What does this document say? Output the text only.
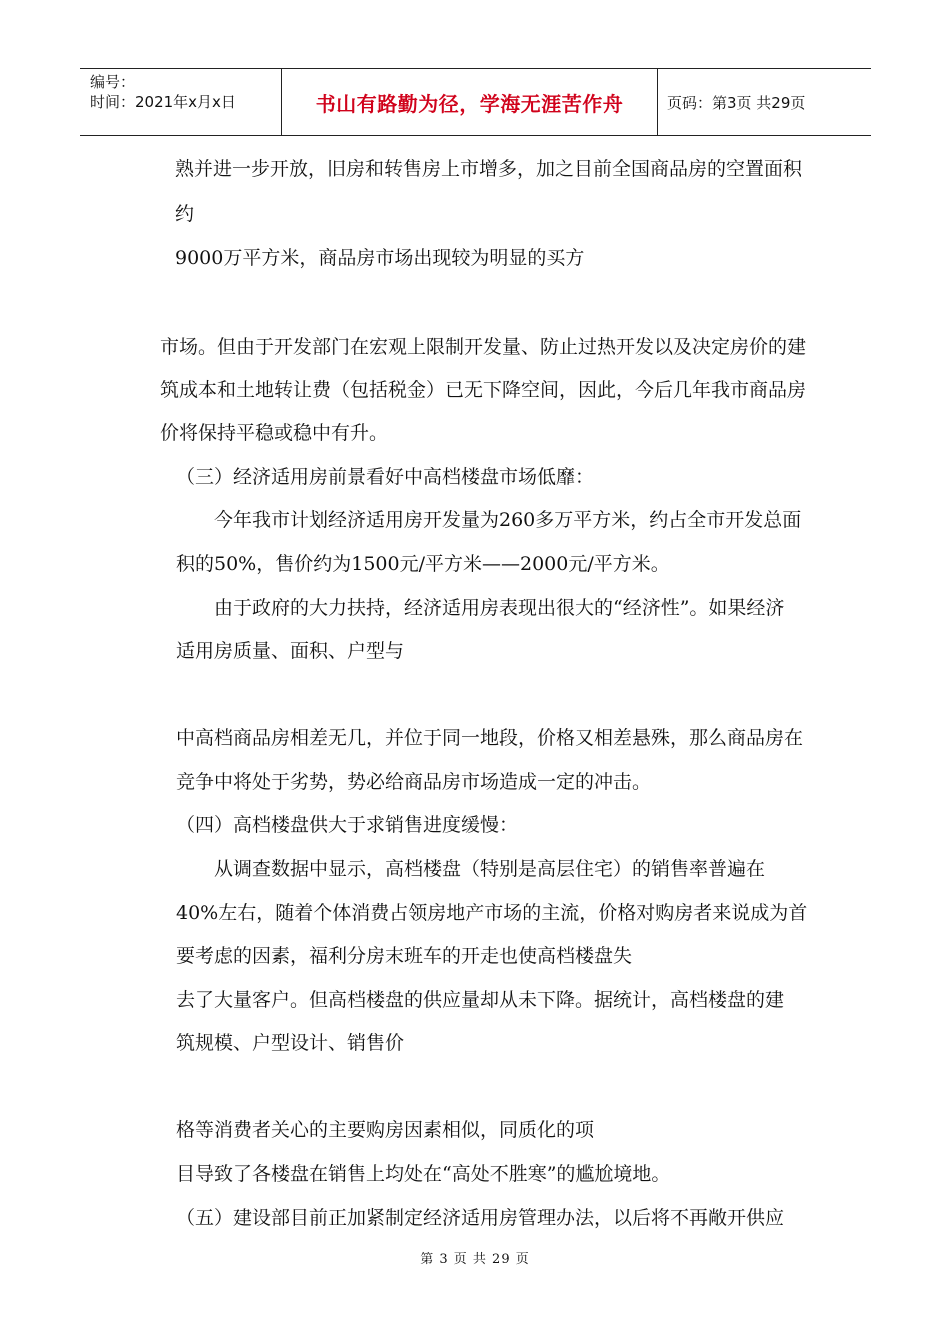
编号：
时间：2021年x月x日	书山有路勤为径，学海无涯苦作舟	页码：第3页 共29页
熟并进一步开放，旧房和转售房上市增多，加之目前全国商品房的空置面积
约
9000万平方米，商品房市场出现较为明显的买方
市场。但由于开发部门在宏观上限制开发量、防止过热开发以及决定房价的建
筑成本和土地转让费（包括税金）已无下降空间，因此，今后几年我市商品房
价将保持平稳或稳中有升。
（三）经济适用房前景看好中高档楼盘市场低靡：
今年我市计划经济适用房开发量为260多万平方米，约占全市开发总面
积的50%，售价约为1500元/平方米——2000元/平方米。
由于政府的大力扶持，经济适用房表现出很大的“经济性”。如果经济
适用房质量、面积、户型与
中高档商品房相差无几，并位于同一地段，价格又相差悬殊，那么商品房在
竞争中将处于劣势，势必给商品房市场造成一定的冲击。
（四）高档楼盘供大于求销售进度缓慢：
从调查数据中显示，高档楼盘（特别是高层住宅）的销售率普遍在
40%左右，随着个体消费占领房地产市场的主流，价格对购房者来说成为首
要考虑的因素，福利分房末班车的开走也使高档楼盘失
去了大量客户。但高档楼盘的供应量却从未下降。据统计，高档楼盘的建
筑规模、户型设计、销售价
格等消费者关心的主要购房因素相似，同质化的项
目导致了各楼盘在销售上均处在“高处不胜寒”的尴尬境地。
（五）建设部目前正加紧制定经济适用房管理办法，以后将不再敞开供应
第 3 页 共 29 页
